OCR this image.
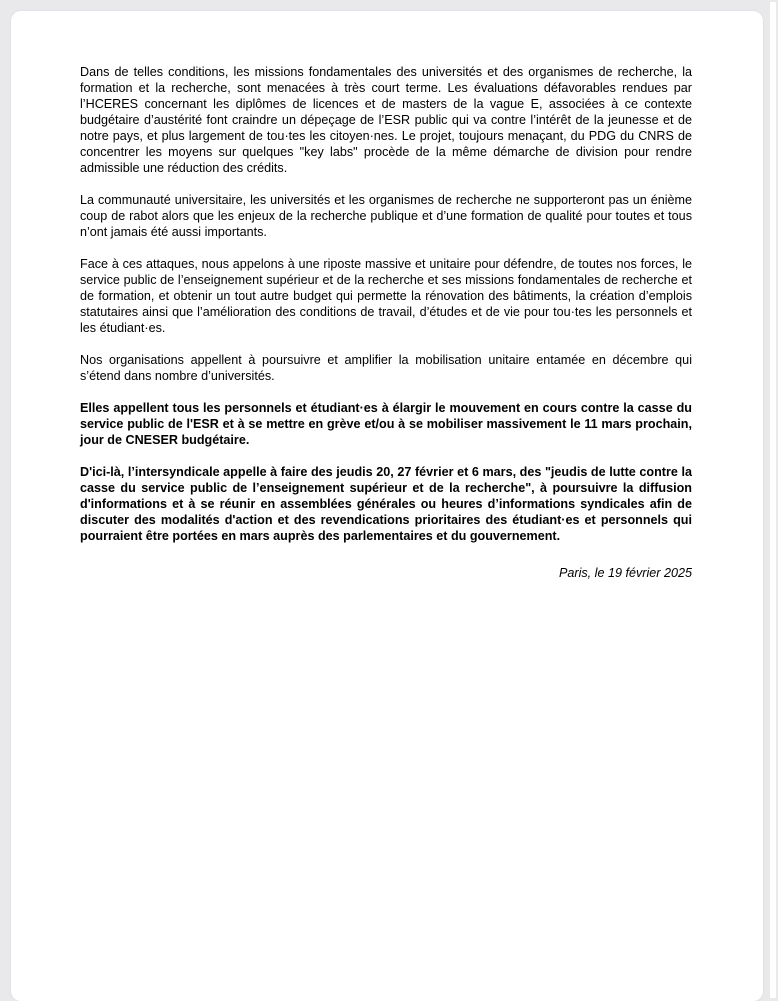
Dans de telles conditions, les missions fondamentales des universités et des organismes de recherche, la formation et la recherche, sont menacées à très court terme. Les évaluations défavorables rendues par l’HCERES concernant les diplômes de licences et de masters de la vague E, associées à ce contexte budgétaire d’austérité font craindre un dépeçage de l’ESR public qui va contre l’intérêt de la jeunesse et de notre pays, et plus largement de tou·tes les citoyen·nes. Le projet, toujours menaçant, du PDG du CNRS de concentrer les moyens sur quelques "key labs" procède de la même démarche de division pour rendre admissible une réduction des crédits.

La communauté universitaire, les universités et les organismes de recherche ne supporteront pas un énième coup de rabot alors que les enjeux de la recherche publique et d’une formation de qualité pour toutes et tous n’ont jamais été aussi importants.

Face à ces attaques, nous appelons à une riposte massive et unitaire pour défendre, de toutes nos forces, le service public de l’enseignement supérieur et de la recherche et ses missions fondamentales de recherche et de formation, et obtenir un tout autre budget qui permette la rénovation des bâtiments, la création d’emplois statutaires ainsi que l’amélioration des conditions de travail, d’études et de vie pour tou·tes les personnels et les étudiant·es.

Nos organisations appellent à poursuivre et amplifier la mobilisation unitaire entamée en décembre qui s’étend dans nombre d’universités.

Elles appellent tous les personnels et étudiant·es à élargir le mouvement en cours contre la casse du service public de l'ESR et à se mettre en grève et/ou à se mobiliser massivement le 11 mars prochain, jour de CNESER budgétaire.

D'ici-là, l’intersyndicale appelle à faire des jeudis 20, 27 février et 6 mars, des "jeudis de lutte contre la casse du service public de l’enseignement supérieur et de la recherche", à poursuivre la diffusion d'informations et à se réunir en assemblées générales ou heures d’informations syndicales afin de discuter des modalités d'action et des revendications prioritaires des étudiant·es et personnels qui pourraient être portées en mars auprès des parlementaires et du gouvernement.

Paris, le 19 février 2025
